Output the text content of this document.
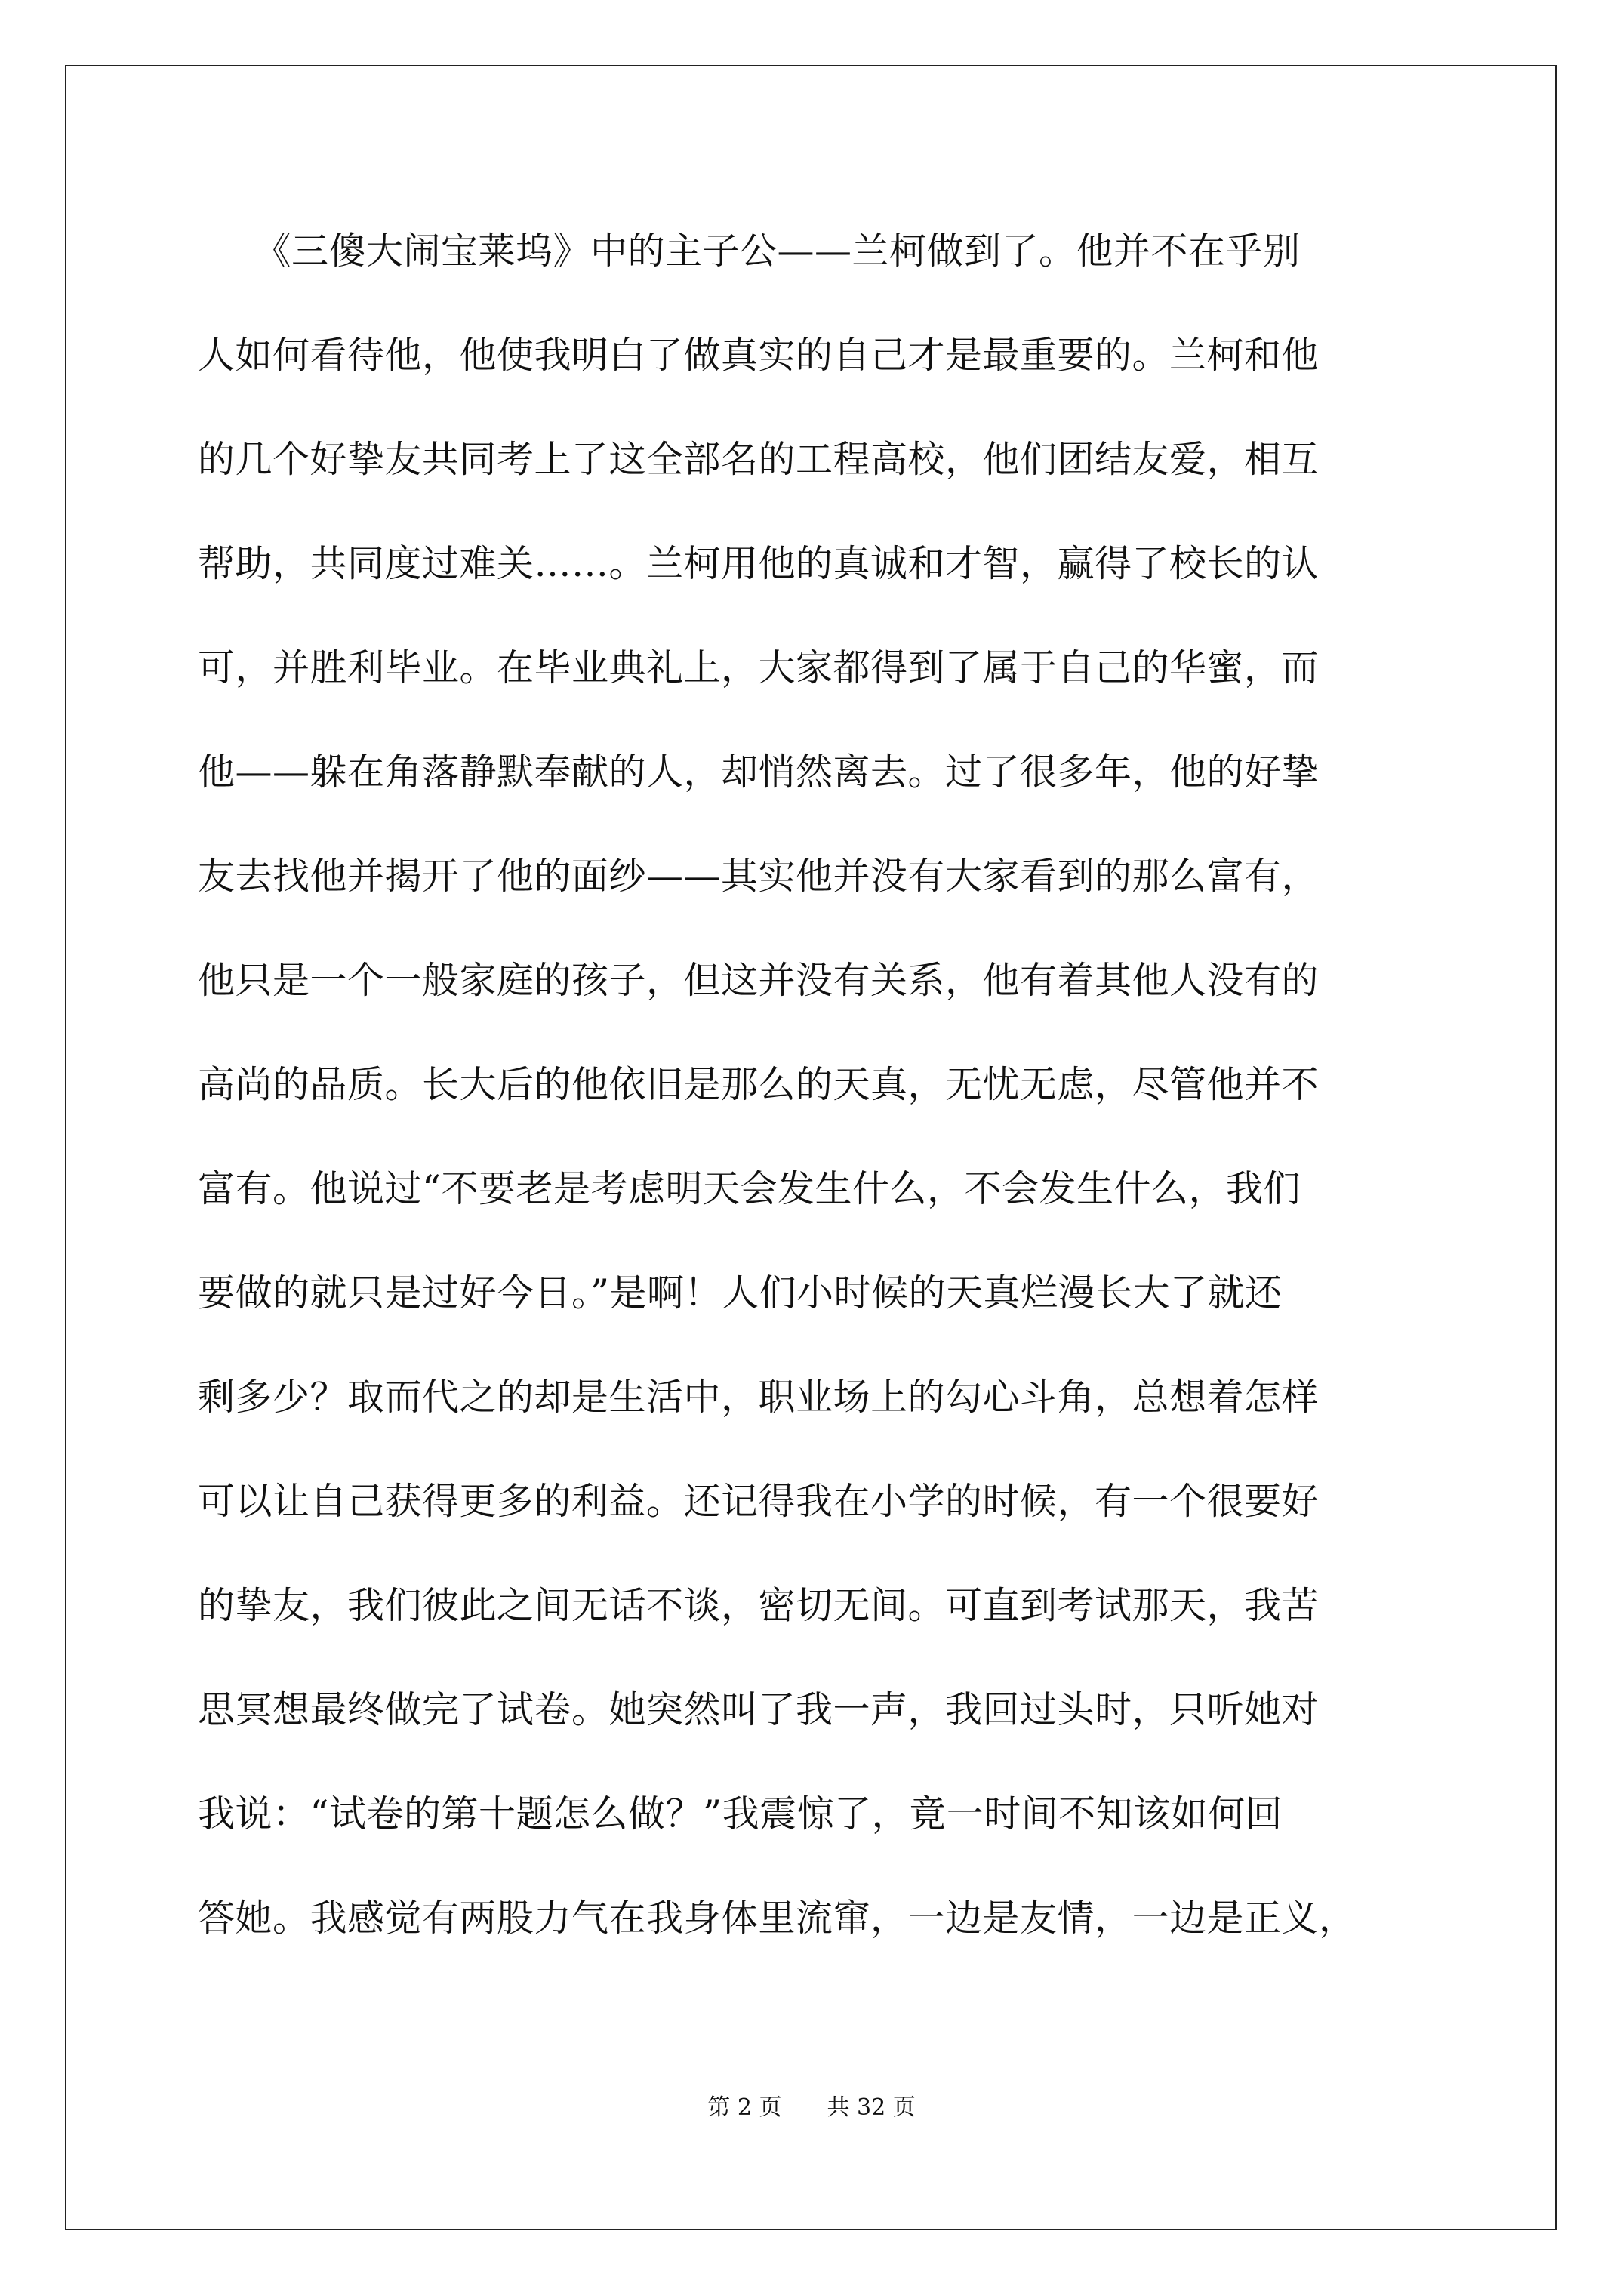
　　《三傻大闹宝莱坞》中的主子公——兰柯做到了。他并不在乎别
人如何看待他，他使我明白了做真实的自己才是最重要的。兰柯和他
的几个好挚友共同考上了这全部名的工程高校，他们团结友爱，相互
帮助，共同度过难关……。兰柯用他的真诚和才智，赢得了校长的认
可，并胜利毕业。在毕业典礼上，大家都得到了属于自己的华蜜，而
他——躲在角落静默奉献的人，却悄然离去。过了很多年，他的好挚
友去找他并揭开了他的面纱——其实他并没有大家看到的那么富有，
他只是一个一般家庭的孩子，但这并没有关系，他有着其他人没有的
高尚的品质。长大后的他依旧是那么的天真，无忧无虑，尽管他并不
富有。他说过“不要老是考虑明天会发生什么，不会发生什么，我们
要做的就只是过好今日。”是啊！人们小时候的天真烂漫长大了就还
剩多少？取而代之的却是生活中，职业场上的勾心斗角，总想着怎样
可以让自己获得更多的利益。还记得我在小学的时候，有一个很要好
的挚友，我们彼此之间无话不谈，密切无间。可直到考试那天，我苦
思冥想最终做完了试卷。她突然叫了我一声，我回过头时，只听她对
我说：“试卷的第十题怎么做？”我震惊了，竟一时间不知该如何回
答她。我感觉有两股力气在我身体里流窜，一边是友情，一边是正义，
第 2 页　　共 32 页
